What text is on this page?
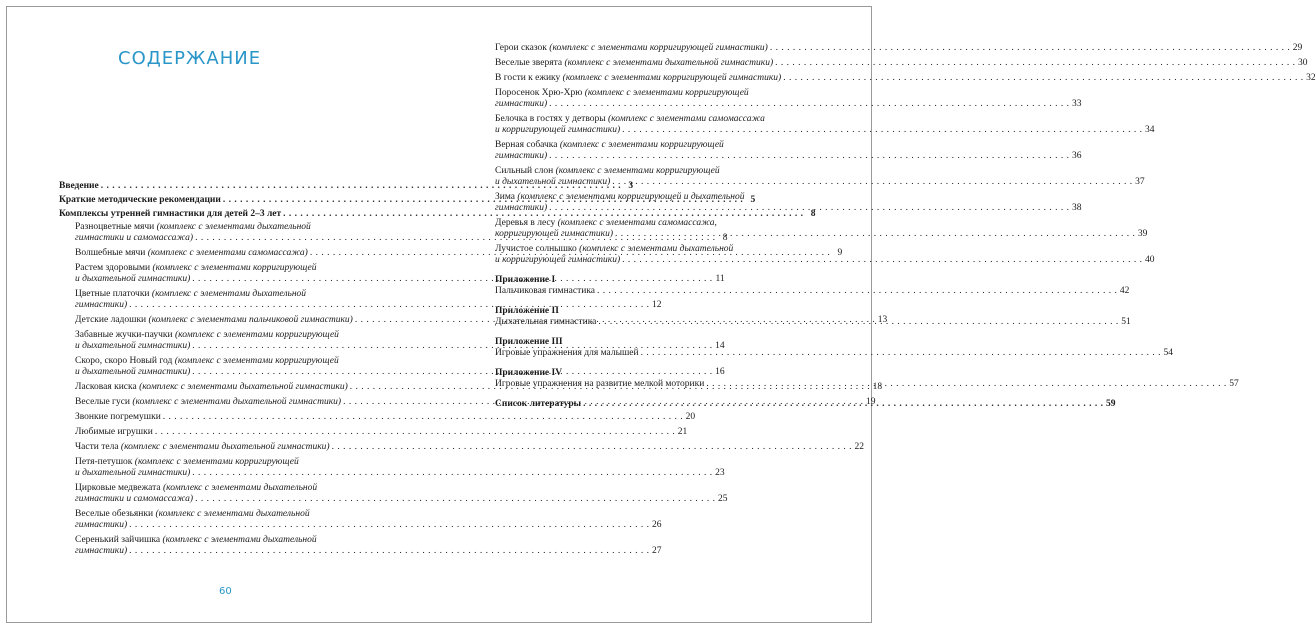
СОДЕРЖАНИЕ
Введение . . .	3
Краткие методические рекомендации . . .	5
Комплексы утренней гимнастики для детей 2–3 лет . . .	8
Разноцветные мячи (комплекс с элементами дыхательной
гимнастики и самомассажа) . . .	8
Волшебные мячи (комплекс с элементами самомассажа) . . .	9
Растем здоровыми (комплекс с элементами корригирующей
и дыхательной гимнастики) . . .	11
Цветные платочки (комплекс с элементами дыхательной
гимнастики) . . .	12
Детские ладошки (комплекс с элементами пальчиковой гимнастики) . . .	13
Забавные жучки-паучки (комплекс с элементами корригирующей
и дыхательной гимнастики) . . .	14
Скоро, скоро Новый год (комплекс с элементами корригирующей
и дыхательной гимнастики) . . .	16
Ласковая киска (комплекс с элементами дыхательной гимнастики) . . .	18
Веселые гуси (комплекс с элементами дыхательной гимнастики) . . .	19
Звонкие погремушки . . .	20
Любимые игрушки . . .	21
Части тела (комплекс с элементами дыхательной гимнастики) . . .	22
Петя-петушок (комплекс с элементами корригирующей
и дыхательной гимнастики) . . .	23
Цирковые медвежата (комплекс с элементами дыхательной
гимнастики и самомассажа) . . .	25
Веселые обезьянки (комплекс с элементами дыхательной
гимнастики) . . .	26
Серенький зайчишка (комплекс с элементами дыхательной
гимнастики) . . .	27
60
Герои сказок (комплекс с элементами корригирующей гимнастики) . . .	29
Веселые зверята (комплекс с элементами дыхательной гимнастики) . . .	30
В гости к ежику (комплекс с элементами корригирующей гимнастики) . . .	32
Поросенок Хрю-Хрю (комплекс с элементами корригирующей
гимнастики) . . .	33
Белочка в гостях у детворы (комплекс с элементами самомассажа
и корригирующей гимнастики) . . .	34
Верная собачка (комплекс с элементами корригирующей
гимнастики) . . .	36
Сильный слон (комплекс с элементами корригирующей
и дыхательной гимнастики) . . .	37
Зима (комплекс с элементами корригирующей и дыхательной
гимнастики) . . .	38
Деревья в лесу (комплекс с элементами самомассажа,
корригирующей гимнастики) . . .	39
Лучистое солнышко (комплекс с элементами дыхательной
и корригирующей гимнастики) . . .	40
Приложение I
Пальчиковая гимнастика . . .	42
Приложение II
Дыхательная гимнастика . . .	51
Приложение III
Игровые упражнения для малышей . . .	54
Приложение IV
Игровые упражнения на развитие мелкой моторики . . .	57
Список литературы . . .	59
